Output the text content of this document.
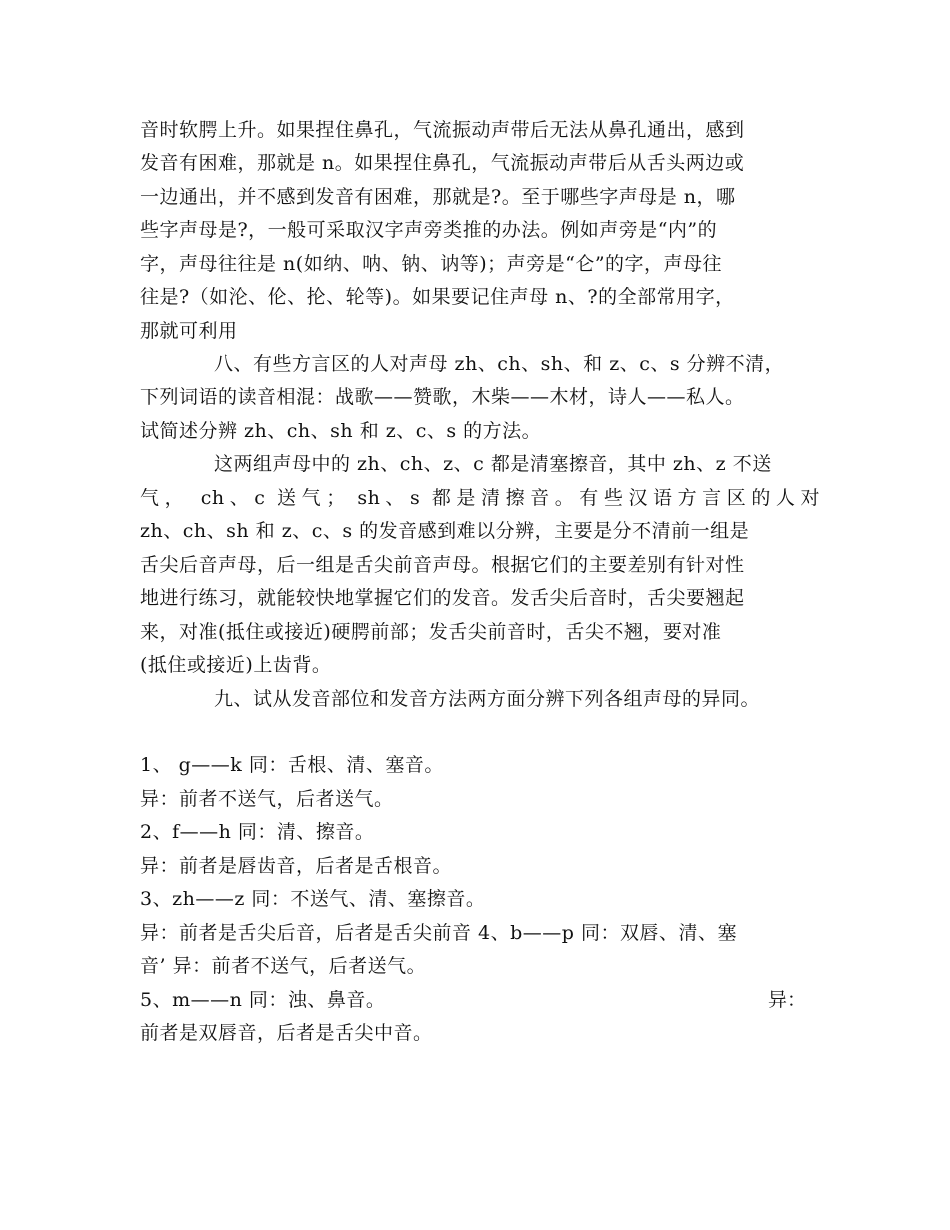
音时软腭上升。如果捏住鼻孔，气流振动声带后无法从鼻孔通出，感到
发音有困难，那就是 n。如果捏住鼻孔，气流振动声带后从舌头两边或
一边通出，并不感到发音有困难，那就是?。至于哪些字声母是 n，哪
些字声母是?，一般可采取汉字声旁类推的办法。例如声旁是“内”的
字，声母往往是 n(如纳、呐、钠、讷等)；声旁是“仑”的字，声母往
往是?（如沦、伦、抡、轮等)。如果要记住声母 n、?的全部常用字，
那就可利用
八、有些方言区的人对声母 zh、ch、sh、和 z、c、s 分辨不清，
下列词语的读音相混：战歌——赞歌，木柴——木材，诗人——私人。
试简述分辨 zh、ch、sh 和 z、c、s 的方法。
这两组声母中的 zh、ch、z、c 都是清塞擦音，其中 zh、z 不送
气， ch、c 送气； sh、s 都是清擦音。有些汉语方言区的人对
zh、ch、sh 和 z、c、s 的发音感到难以分辨，主要是分不清前一组是
舌尖后音声母，后一组是舌尖前音声母。根据它们的主要差别有针对性
地进行练习，就能较快地掌握它们的发音。发舌尖后音时，舌尖要翘起
来，对准(抵住或接近)硬腭前部；发舌尖前音时，舌尖不翘，要对准
(抵住或接近)上齿背。
九、试从发音部位和发音方法两方面分辨下列各组声母的异同。
1、 g——k 同：舌根、清、塞音。
异：前者不送气，后者送气。
2、f——h 同：清、擦音。
异：前者是唇齿音，后者是舌根音。
3、zh——z 同：不送气、清、塞擦音。
异：前者是舌尖后音，后者是舌尖前音 4、b——p 同：双唇、清、塞
音’ 异：前者不送气，后者送气。
5、m——n 同：浊、鼻音。	异：
前者是双唇音，后者是舌尖中音。
